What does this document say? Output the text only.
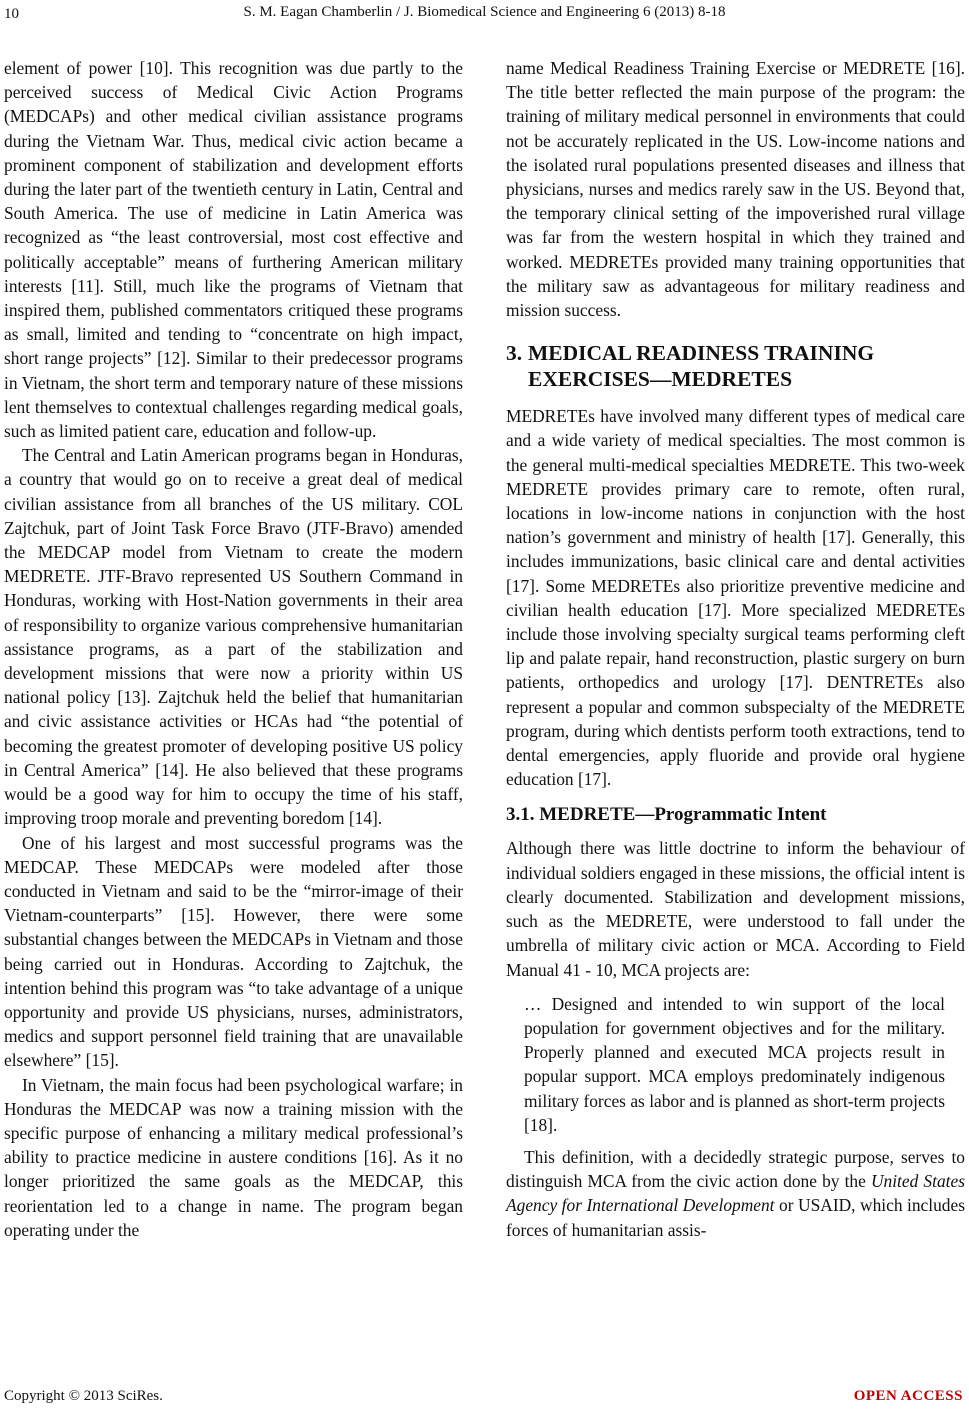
10	S. M. Eagan Chamberlin / J. Biomedical Science and Engineering 6 (2013) 8-18

element of power [10]. This recognition was due partly to the perceived success of Medical Civic Action Programs (MEDCAPs) and other medical civilian assistance programs during the Vietnam War. Thus, medical civic action became a prominent component of stabilization and development efforts during the later part of the twentieth century in Latin, Central and South America. The use of medicine in Latin America was recognized as “the least controversial, most cost effective and politically acceptable” means of furthering American military interests [11]. Still, much like the programs of Vietnam that inspired them, published commentators critiqued these programs as small, limited and tending to “concentrate on high impact, short range projects” [12]. Similar to their predecessor programs in Vietnam, the short term and temporary nature of these missions lent themselves to contextual challenges regarding medical goals, such as limited patient care, education and follow-up.

The Central and Latin American programs began in Honduras, a country that would go on to receive a great deal of medical civilian assistance from all branches of the US military. COL Zajtchuk, part of Joint Task Force Bravo (JTF-Bravo) amended the MEDCAP model from Vietnam to create the modern MEDRETE. JTF-Bravo represented US Southern Command in Honduras, working with Host-Nation governments in their area of responsibility to organize various comprehensive humanitarian assistance programs, as a part of the stabilization and development missions that were now a priority within US national policy [13]. Zajtchuk held the belief that humanitarian and civic assistance activities or HCAs had “the potential of becoming the greatest promoter of developing positive US policy in Central America” [14]. He also believed that these programs would be a good way for him to occupy the time of his staff, improving troop morale and preventing boredom [14].

One of his largest and most successful programs was the MEDCAP. These MEDCAPs were modeled after those conducted in Vietnam and said to be the “mirror-image of their Vietnam-counterparts” [15]. However, there were some substantial changes between the MEDCAPs in Vietnam and those being carried out in Honduras. According to Zajtchuk, the intention behind this program was “to take advantage of a unique opportunity and provide US physicians, nurses, administrators, medics and support personnel field training that are unavailable elsewhere” [15].

In Vietnam, the main focus had been psychological warfare; in Honduras the MEDCAP was now a training mission with the specific purpose of enhancing a military medical professional’s ability to practice medicine in austere conditions [16]. As it no longer prioritized the same goals as the MEDCAP, this reorientation led to a change in name. The program began operating under the

name Medical Readiness Training Exercise or MEDRETE [16]. The title better reflected the main purpose of the program: the training of military medical personnel in environments that could not be accurately replicated in the US. Low-income nations and the isolated rural populations presented diseases and illness that physicians, nurses and medics rarely saw in the US. Beyond that, the temporary clinical setting of the impoverished rural village was far from the western hospital in which they trained and worked. MEDRETEs provided many training opportunities that the military saw as advantageous for military readiness and mission success.

3. MEDICAL READINESS TRAINING
EXERCISES—MEDRETES

MEDRETEs have involved many different types of medical care and a wide variety of medical specialties. The most common is the general multi-medical specialties MEDRETE. This two-week MEDRETE provides primary care to remote, often rural, locations in low-income nations in conjunction with the host nation’s government and ministry of health [17]. Generally, this includes immunizations, basic clinical care and dental activities [17]. Some MEDRETEs also prioritize preventive medicine and civilian health education [17]. More specialized MEDRETEs include those involving specialty surgical teams performing cleft lip and palate repair, hand reconstruction, plastic surgery on burn patients, orthopedics and urology [17]. DENTRETEs also represent a popular and common subspecialty of the MEDRETE program, during which dentists perform tooth extractions, tend to dental emergencies, apply fluoride and provide oral hygiene education [17].

3.1. MEDRETE—Programmatic Intent

Although there was little doctrine to inform the behaviour of individual soldiers engaged in these missions, the official intent is clearly documented. Stabilization and development missions, such as the MEDRETE, were understood to fall under the umbrella of military civic action or MCA. According to Field Manual 41 - 10, MCA projects are:

… Designed and intended to win support of the local population for government objectives and for the military. Properly planned and executed MCA projects result in popular support. MCA employs predominately indigenous military forces as labor and is planned as short-term projects [18].

This definition, with a decidedly strategic purpose, serves to distinguish MCA from the civic action done by the United States Agency for International Development or USAID, which includes forces of humanitarian assis-

Copyright © 2013 SciRes.	OPEN ACCESS
